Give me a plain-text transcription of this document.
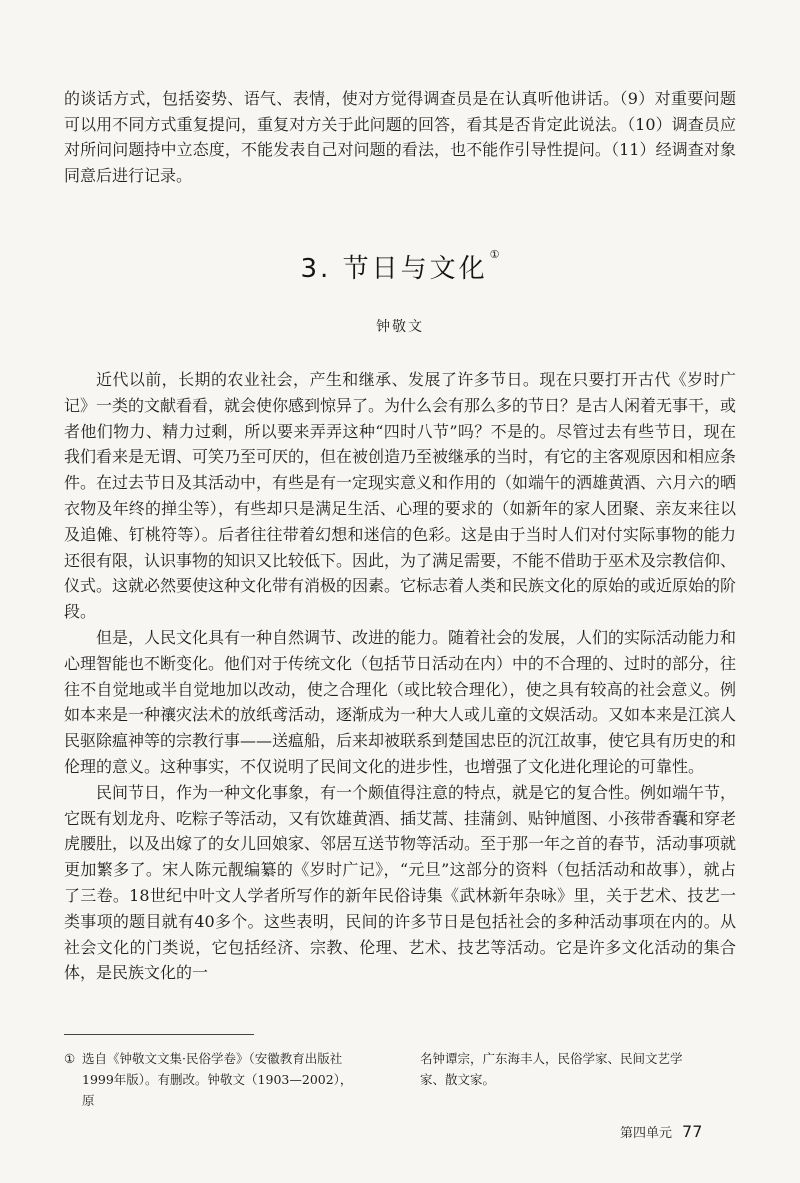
的谈话方式，包括姿势、语气、表情，使对方觉得调查员是在认真听他讲话。（9）对重要问题可以用不同方式重复提问，重复对方关于此问题的回答，看其是否肯定此说法。（10）调查员应对所问问题持中立态度，不能发表自己对问题的看法，也不能作引导性提问。（11）经调查对象同意后进行记录。

3. 节日与文化 ①
钟敬文

近代以前，长期的农业社会，产生和继承、发展了许多节日。现在只要打开古代《岁时广记》一类的文献看看，就会使你感到惊异了。为什么会有那么多的节日？是古人闲着无事干，或者他们物力、精力过剩，所以要来弄弄这种“四时八节”吗？不是的。尽管过去有些节日，现在我们看来是无谓、可笑乃至可厌的，但在被创造乃至被继承的当时，有它的主客观原因和相应条件。在过去节日及其活动中，有些是有一定现实意义和作用的（如端午的洒雄黄酒、六月六的晒衣物及年终的掸尘等），有些却只是满足生活、心理的要求的（如新年的家人团聚、亲友来往以及追傩、钉桃符等）。后者往往带着幻想和迷信的色彩。这是由于当时人们对付实际事物的能力还很有限，认识事物的知识又比较低下。因此，为了满足需要，不能不借助于巫术及宗教信仰、仪式。这就必然要使这种文化带有消极的因素。它标志着人类和民族文化的原始的或近原始的阶段。

但是，人民文化具有一种自然调节、改进的能力。随着社会的发展，人们的实际活动能力和心理智能也不断变化。他们对于传统文化（包括节日活动在内）中的不合理的、过时的部分，往往不自觉地或半自觉地加以改动，使之合理化（或比较合理化），使之具有较高的社会意义。例如本来是一种禳灾法术的放纸鸢活动，逐渐成为一种大人或儿童的文娱活动。又如本来是江滨人民驱除瘟神等的宗教行事——送瘟船，后来却被联系到楚国忠臣的沉江故事，使它具有历史的和伦理的意义。这种事实，不仅说明了民间文化的进步性，也增强了文化进化理论的可靠性。

民间节日，作为一种文化事象，有一个颇值得注意的特点，就是它的复合性。例如端午节，它既有划龙舟、吃粽子等活动，又有饮雄黄酒、插艾蒿、挂蒲剑、贴钟馗图、小孩带香囊和穿老虎腰肚，以及出嫁了的女儿回娘家、邻居互送节物等活动。至于那一年之首的春节，活动事项就更加繁多了。宋人陈元靓编纂的《岁时广记》，“元旦”这部分的资料（包括活动和故事），就占了三卷。18世纪中叶文人学者所写作的新年民俗诗集《武林新年杂咏》里，关于艺术、技艺一类事项的题目就有40多个。这些表明，民间的许多节日是包括社会的多种活动事项在内的。从社会文化的门类说，它包括经济、宗教、伦理、艺术、技艺等活动。它是许多文化活动的集合体，是民族文化的一

① 选自《钟敬文文集·民俗学卷》（安徽教育出版社
1999年版）。有删改。钟敬文（1903—2002），原
名钟谭宗，广东海丰人，民俗学家、民间文艺学
家、散文家。
第四单元 77
